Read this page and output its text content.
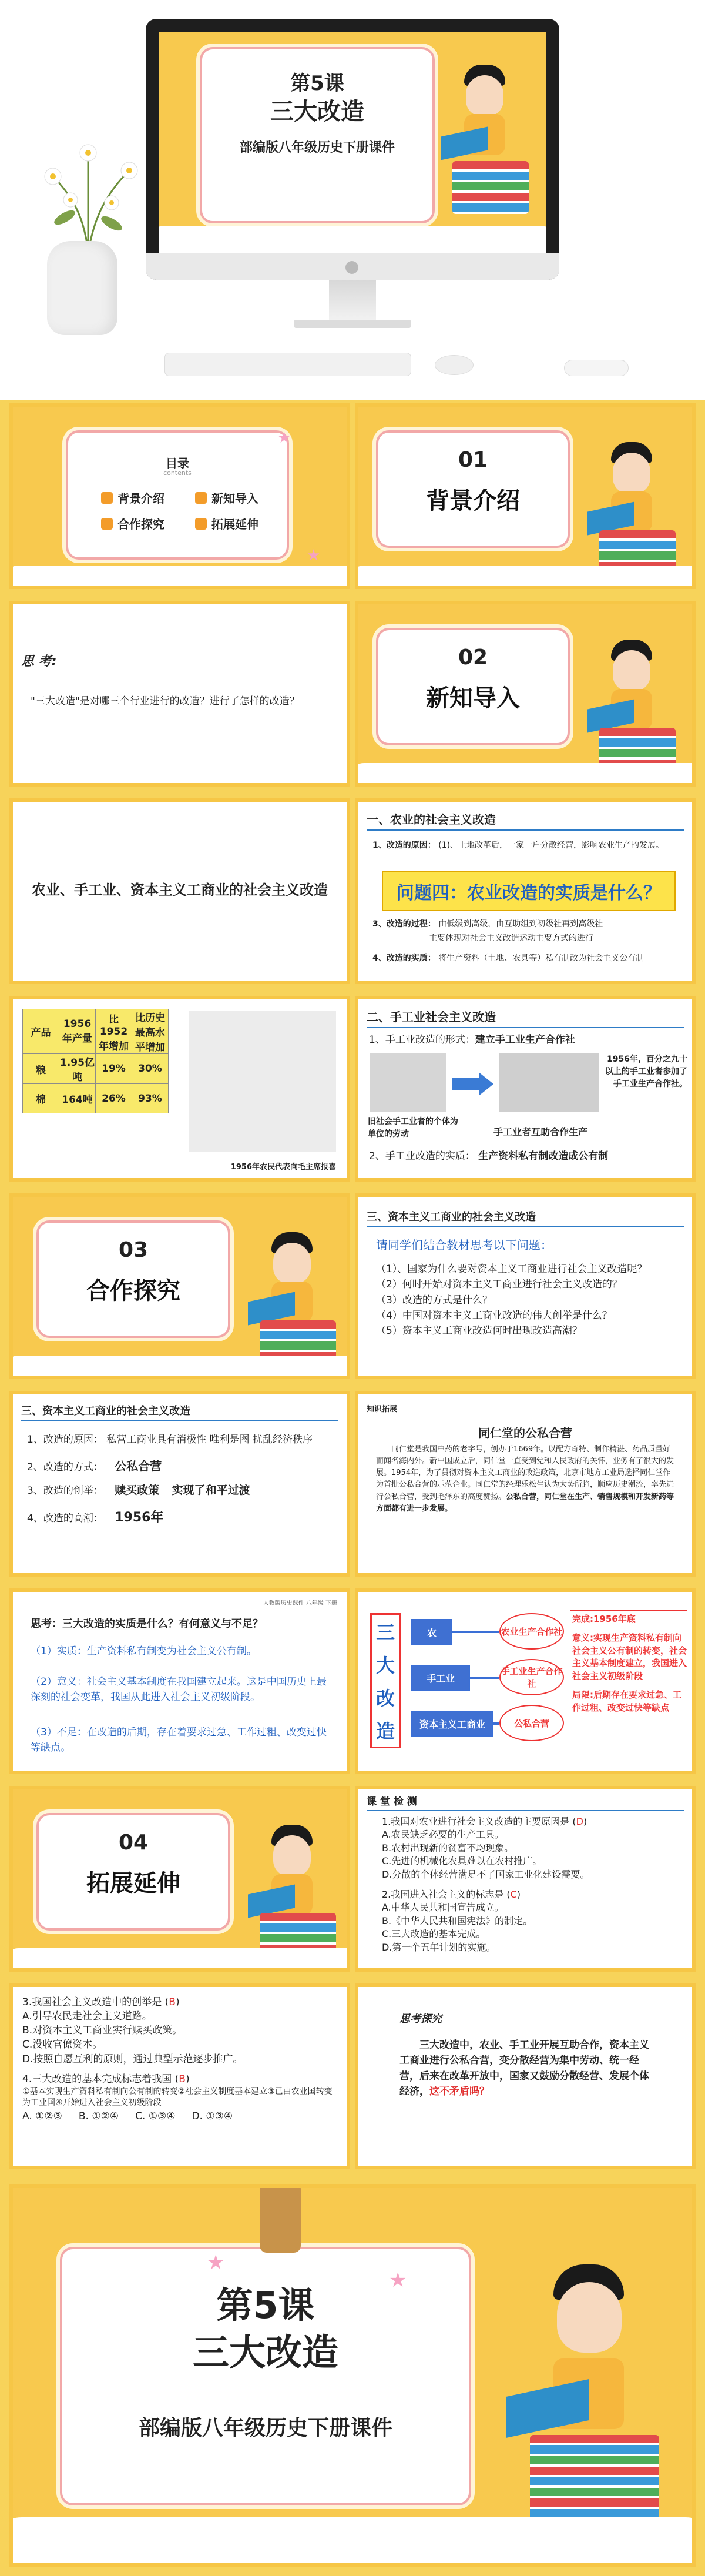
第5课
三大改造
部编版八年级历史下册课件
目录
contents
背景介绍	新知导入
合作探究	拓展延伸
★
★
01
背景介绍
思 考:
"三大改造"是对哪三个行业进行的改造？进行了怎样的改造？
02
新知导入
农业、手工业、资本主义工商业的社会主义改造
一、农业的社会主义改造
1、改造的原因： (1)、土地改革后，一家一户分散经营，影响农业生产的发展。
问题四：农业改造的实质是什么？
3、改造的过程： 由低级到高级，由互助组到初级社再到高级社
主要体现对社会主义改造运动主要方式的进行
4、改造的实质： 将生产资料（土地、农具等）私有制改为社会主义公有制
产品	1956年产量	比1952年增加	比历史最高水平增加
粮	1.95亿吨	19%	30%
棉	164吨	26%	93%
1956年农民代表向毛主席报喜
二、手工业社会主义改造
1、手工业改造的形式：建立手工业生产合作社
1956年，百分之九十以上的手工业者参加了手工业生产合作社。
旧社会手工业者的个体为单位的劳动	手工业者互助合作生产
2、手工业改造的实质： 生产资料私有制改造成公有制
03
合作探究
三、资本主义工商业的社会主义改造
请同学们结合教材思考以下问题：
（1）、国家为什么要对资本主义工商业进行社会主义改造呢？
（2）何时开始对资本主义工商业进行社会主义改造的？
（3）改造的方式是什么？
（4）中国对资本主义工商业改造的伟大创举是什么？
（5）资本主义工商业改造何时出现改造高潮？
三、资本主义工商业的社会主义改造
1、改造的原因： 私营工商业具有消极性 唯利是图 扰乱经济秩序
2、改造的方式： 公私合营
3、改造的创举： 赎买政策 实现了和平过渡
4、改造的高潮： 1956年
知识拓展
同仁堂的公私合营
同仁堂是我国中药的老字号，创办于1669年。以配方奇特、制作精湛、药品质量好而闻名海内外。新中国成立后，同仁堂一直受到党和人民政府的关怀，业务有了很大的发展。1954年，为了贯彻对资本主义工商业的改造政策，北京市地方工业局选择同仁堂作为首批公私合营的示范企业。同仁堂的经理乐松生认为大势所趋，顺应历史潮流，率先进行公私合营，受到毛泽东的高度赞扬。公私合营，同仁堂在生产、销售规模和开发新药等方面都有进一步发展。
人教版历史课件 八年级 下册
思考：三大改造的实质是什么？有何意义与不足？
（1）实质：生产资料私有制变为社会主义公有制。
（2）意义：社会主义基本制度在我国建立起来。这是中国历史上最深刻的社会变革，我国从此进入社会主义初级阶段。
（3）不足：在改造的后期，存在着要求过急、工作过粗、改变过快等缺点。
三
大
改
造
农
手工业
资本主义工商业
农业生产合作社
手工业生产合作社
公私合营
完成:1956年底
意义:实现生产资料私有制向社会主义公有制的转变，社会主义基本制度建立，我国进入社会主义初级阶段
局限:后期存在要求过急、工作过粗、改变过快等缺点
04
拓展延伸
课 堂 检 测
1.我国对农业进行社会主义改造的主要原因是 (D)
A.农民缺乏必要的生产工具。
B.农村出现新的贫富不均现象。
C.先进的机械化农具难以在农村推广。
D.分散的个体经营满足不了国家工业化建设需要。
2.我国进入社会主义的标志是 (C)
A.中华人民共和国宣告成立。
B.《中华人民共和国宪法》的制定。
C.三大改造的基本完成。
D.第一个五年计划的实施。
3.我国社会主义改造中的创举是 (B)
A.引导农民走社会主义道路。
B.对资本主义工商业实行赎买政策。
C.没收官僚资本。
D.按照自愿互利的原则，通过典型示范逐步推广。
4.三大改造的基本完成标志着我国 (B)
①基本实现生产资料私有制向公有制的转变②社会主义制度基本建立③已由农业国转变为工业国④开始进入社会主义初级阶段
A. ①②③ B. ①②④ C. ①③④ D. ①③④
思考探究
三大改造中，农业、手工业开展互助合作，资本主义工商业进行公私合营，变分散经营为集中劳动、统一经营，后来在改革开放中，国家又鼓励分散经营、发展个体经济，这不矛盾吗？
第5课
三大改造
部编版八年级历史下册课件
★
★
